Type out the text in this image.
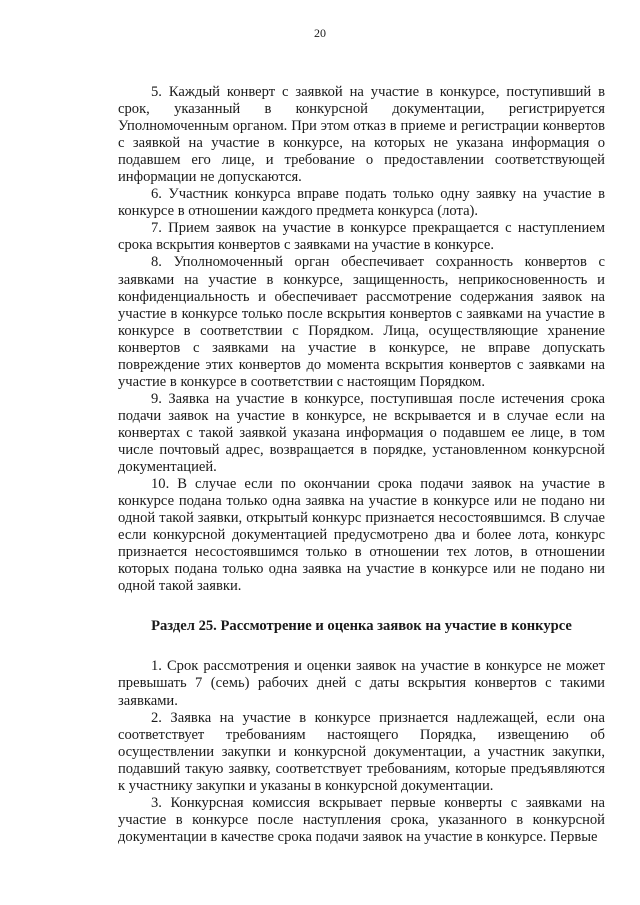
20

5. Каждый конверт с заявкой на участие в конкурсе, поступивший в срок, указанный в конкурсной документации, регистрируется Уполномоченным органом. При этом отказ в приеме и регистрации конвертов с заявкой на участие в конкурсе, на которых не указана информация о подавшем его лице, и требование о предоставлении соответствующей информации не допускаются.

6. Участник конкурса вправе подать только одну заявку на участие в конкурсе в отношении каждого предмета конкурса (лота).

7. Прием заявок на участие в конкурсе прекращается с наступлением срока вскрытия конвертов с заявками на участие в конкурсе.

8. Уполномоченный орган обеспечивает сохранность конвертов с заявками на участие в конкурсе, защищенность, неприкосновенность и конфиденциальность и обеспечивает рассмотрение содержания заявок на участие в конкурсе только после вскрытия конвертов с заявками на участие в конкурсе в соответствии с Порядком. Лица, осуществляющие хранение конвертов с заявками на участие в конкурсе, не вправе допускать повреждение этих конвертов до момента вскрытия конвертов с заявками на участие в конкурсе в соответствии с настоящим Порядком.

9. Заявка на участие в конкурсе, поступившая после истечения срока подачи заявок на участие в конкурсе, не вскрывается и в случае если на конвертах с такой заявкой указана информация о подавшем ее лице, в том числе почтовый адрес, возвращается в порядке, установленном конкурсной документацией.

10. В случае если по окончании срока подачи заявок на участие в конкурсе подана только одна заявка на участие в конкурсе или не подано ни одной такой заявки, открытый конкурс признается несостоявшимся. В случае если конкурсной документацией предусмотрено два и более лота, конкурс признается несостоявшимся только в отношении тех лотов, в отношении которых подана только одна заявка на участие в конкурсе или не подано ни одной такой заявки.

Раздел 25. Рассмотрение и оценка заявок на участие в конкурсе

1. Срок рассмотрения и оценки заявок на участие в конкурсе не может превышать 7 (семь) рабочих дней с даты вскрытия конвертов с такими заявками.

2. Заявка на участие в конкурсе признается надлежащей, если она соответствует требованиям настоящего Порядка, извещению об осуществлении закупки и конкурсной документации, а участник закупки, подавший такую заявку, соответствует требованиям, которые предъявляются к участнику закупки и указаны в конкурсной документации.

3. Конкурсная комиссия вскрывает первые конверты с заявками на участие в конкурсе после наступления срока, указанного в конкурсной документации в качестве срока подачи заявок на участие в конкурсе. Первые
